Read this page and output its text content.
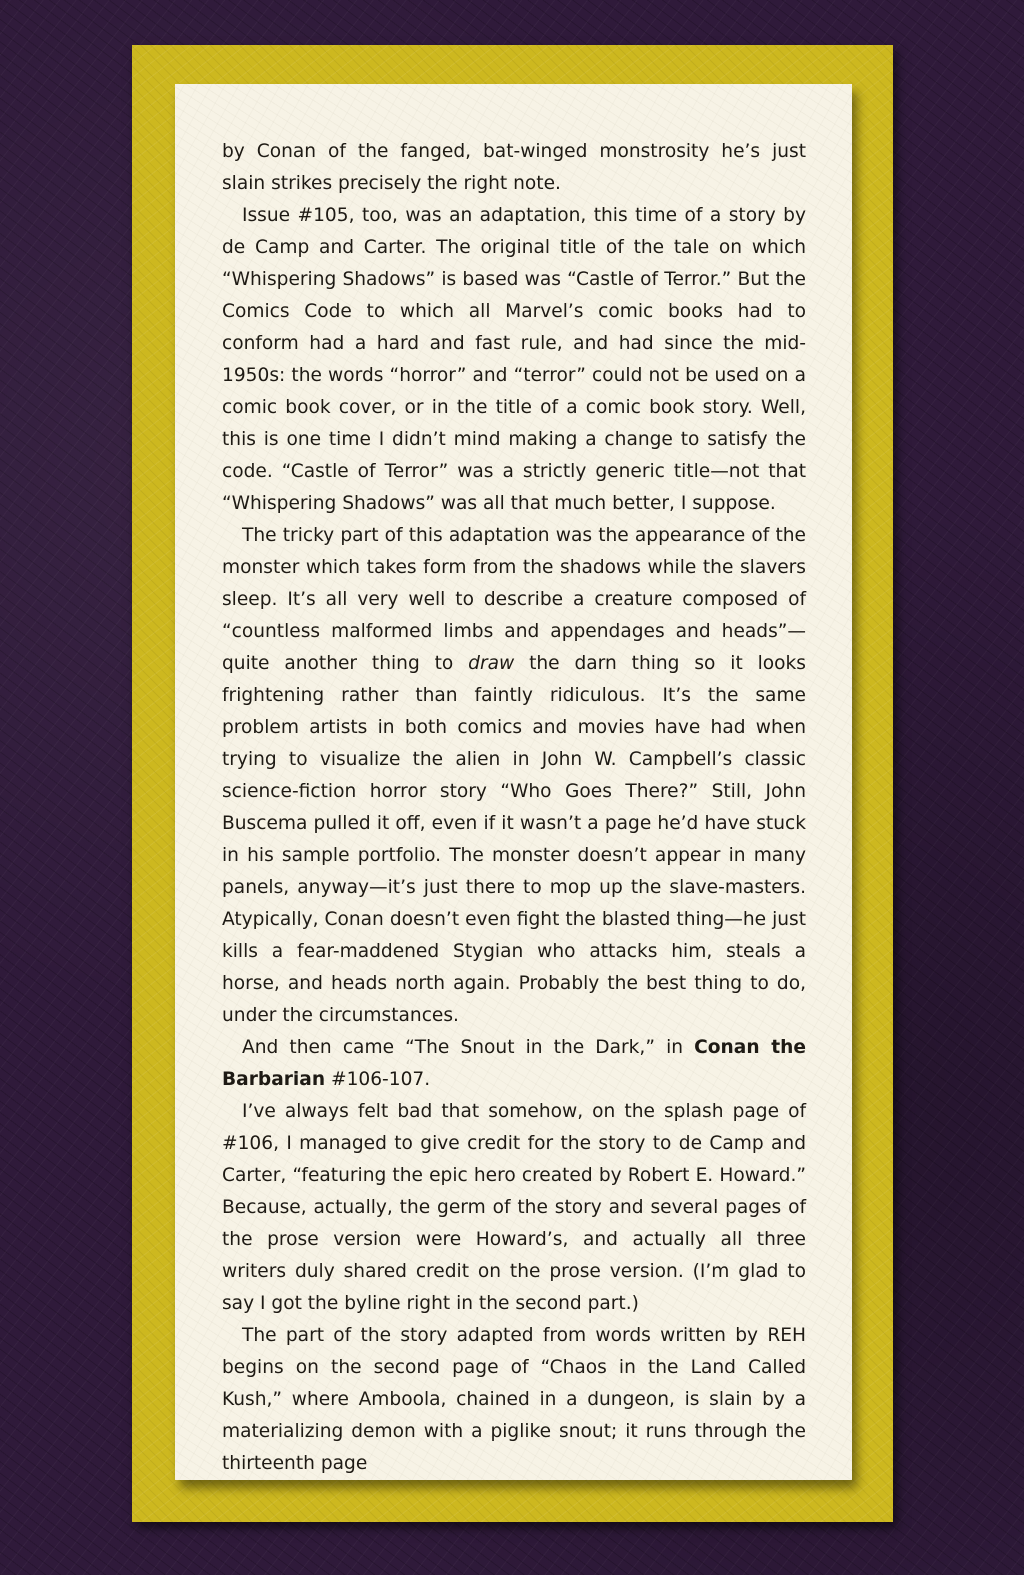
by Conan of the fanged, bat-winged monstrosity he’s just slain strikes precisely the right note.

Issue #105, too, was an adaptation, this time of a story by de Camp and Carter. The original title of the tale on which “Whispering Shadows” is based was “Castle of Terror.” But the Comics Code to which all Marvel’s comic books had to conform had a hard and fast rule, and had since the mid-1950s: the words “horror” and “terror” could not be used on a comic book cover, or in the title of a comic book story. Well, this is one time I didn’t mind making a change to satisfy the code. “Castle of Terror” was a strictly generic title—not that “Whispering Shadows” was all that much better, I suppose.

The tricky part of this adaptation was the appearance of the monster which takes form from the shadows while the slavers sleep. It’s all very well to describe a creature composed of “countless malformed limbs and appendages and heads”—quite another thing to draw the darn thing so it looks frightening rather than faintly ridiculous. It’s the same problem artists in both comics and movies have had when trying to visualize the alien in John W. Campbell’s classic science-fiction horror story “Who Goes There?” Still, John Buscema pulled it off, even if it wasn’t a page he’d have stuck in his sample portfolio. The monster doesn’t appear in many panels, anyway—it’s just there to mop up the slave-masters. Atypically, Conan doesn’t even fight the blasted thing—he just kills a fear-maddened Stygian who attacks him, steals a horse, and heads north again. Probably the best thing to do, under the circumstances.

And then came “The Snout in the Dark,” in Conan the Barbarian #106-107.

I’ve always felt bad that somehow, on the splash page of #106, I managed to give credit for the story to de Camp and Carter, “featuring the epic hero created by Robert E. Howard.” Because, actually, the germ of the story and several pages of the prose version were Howard’s, and actually all three writers duly shared credit on the prose version. (I’m glad to say I got the byline right in the second part.)

The part of the story adapted from words written by REH begins on the second page of “Chaos in the Land Called Kush,” where Amboola, chained in a dungeon, is slain by a materializing demon with a piglike snout; it runs through the thirteenth page
